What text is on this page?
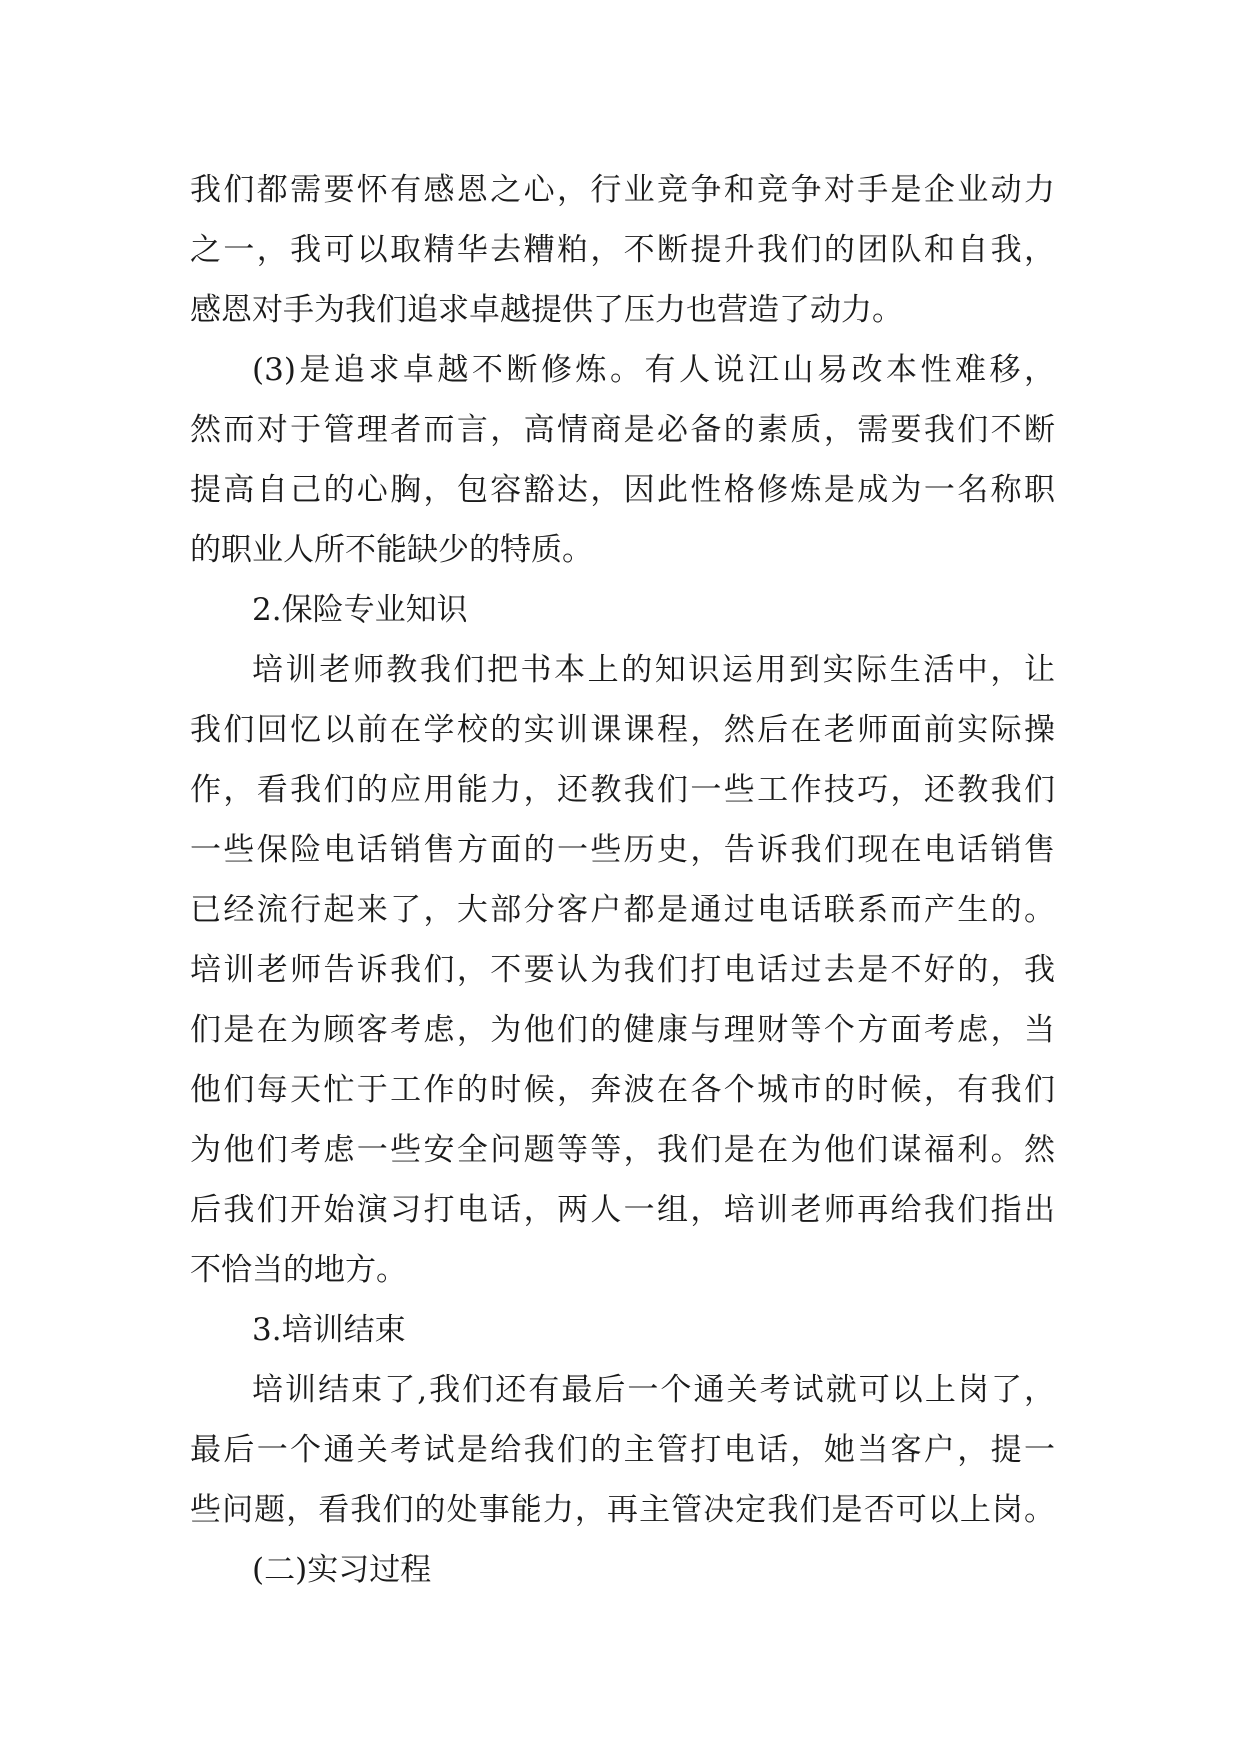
我们都需要怀有感恩之心，行业竞争和竞争对手是企业动力
之一，我可以取精华去糟粕，不断提升我们的团队和自我，
感恩对手为我们追求卓越提供了压力也营造了动力。
(3)是追求卓越不断修炼。有人说江山易改本性难移，
然而对于管理者而言，高情商是必备的素质，需要我们不断
提高自己的心胸，包容豁达，因此性格修炼是成为一名称职
的职业人所不能缺少的特质。
2.保险专业知识
培训老师教我们把书本上的知识运用到实际生活中，让
我们回忆以前在学校的实训课课程，然后在老师面前实际操
作，看我们的应用能力，还教我们一些工作技巧，还教我们
一些保险电话销售方面的一些历史，告诉我们现在电话销售
已经流行起来了，大部分客户都是通过电话联系而产生的。
培训老师告诉我们，不要认为我们打电话过去是不好的，我
们是在为顾客考虑，为他们的健康与理财等个方面考虑，当
他们每天忙于工作的时候，奔波在各个城市的时候，有我们
为他们考虑一些安全问题等等，我们是在为他们谋福利。然
后我们开始演习打电话，两人一组，培训老师再给我们指出
不恰当的地方。
3.培训结束
培训结束了,我们还有最后一个通关考试就可以上岗了，
最后一个通关考试是给我们的主管打电话，她当客户，提一
些问题，看我们的处事能力，再主管决定我们是否可以上岗。
(二)实习过程
